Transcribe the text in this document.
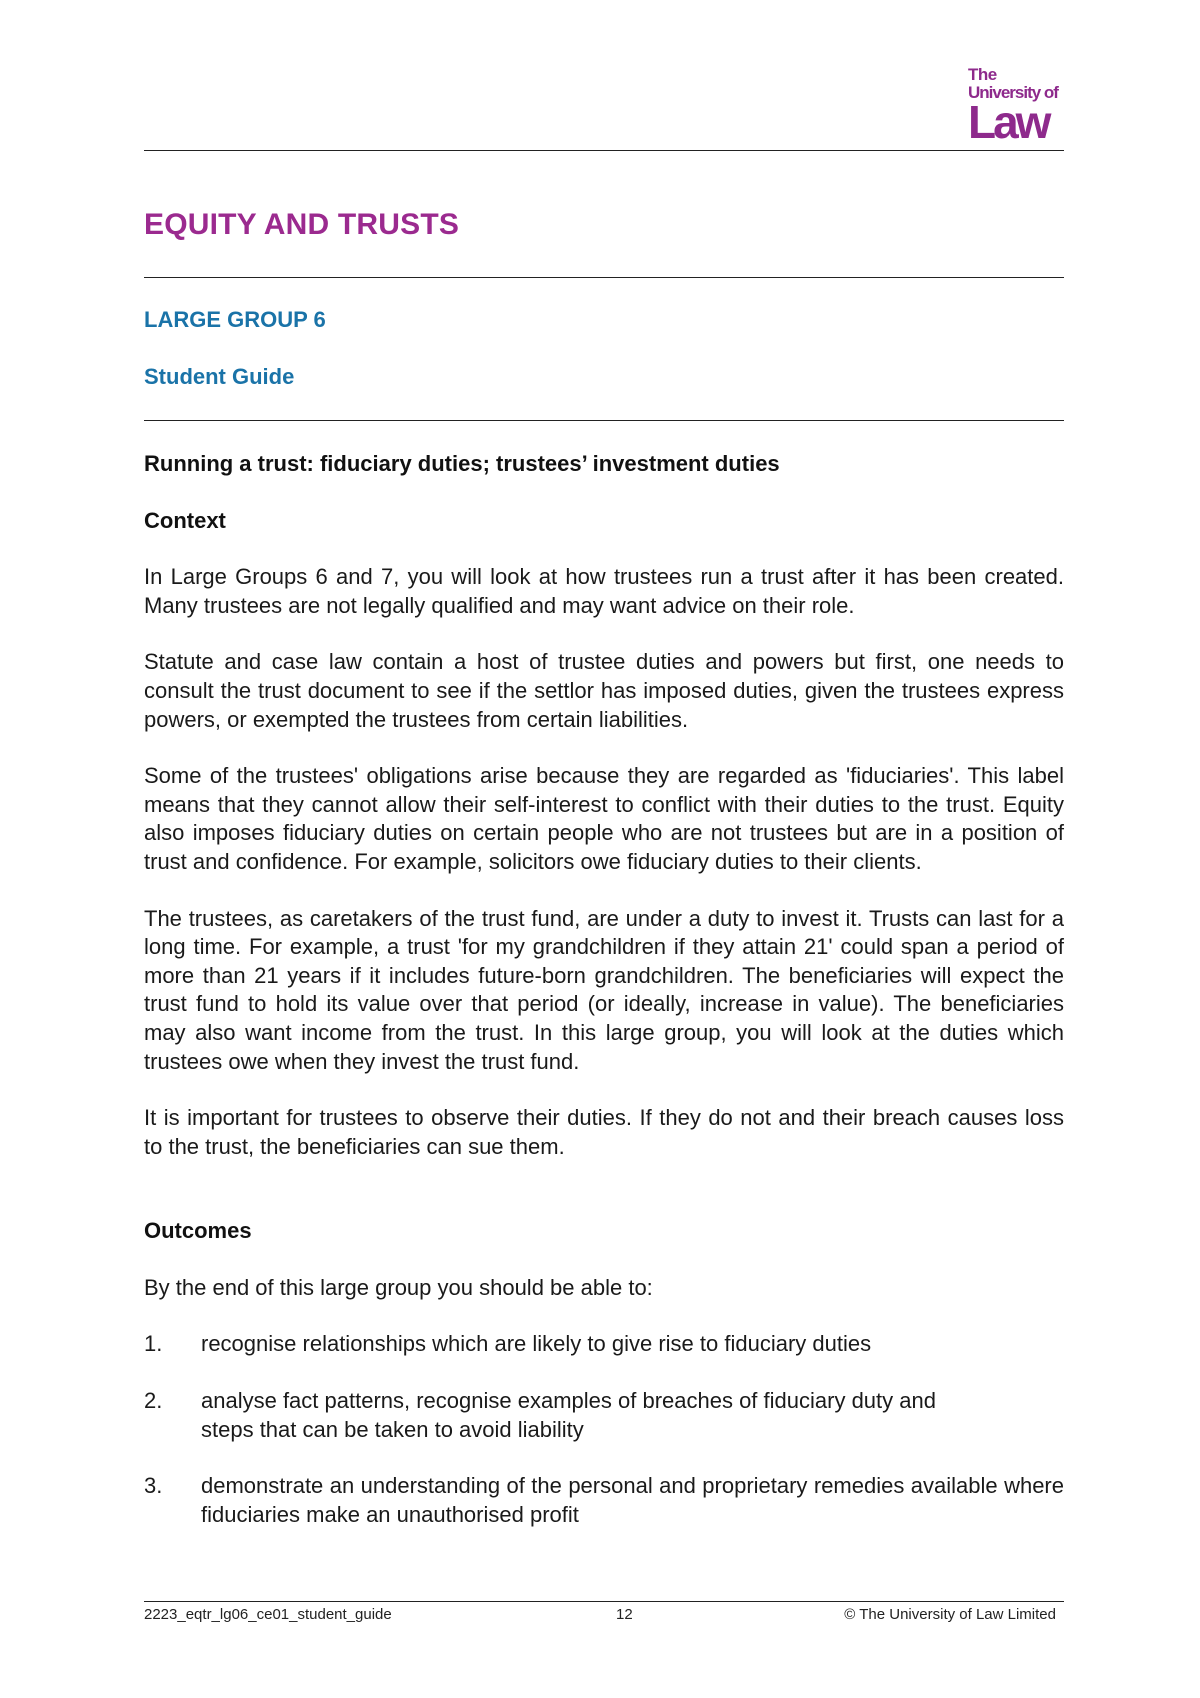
The
University of
Law
EQUITY AND TRUSTS
LARGE GROUP 6
Student Guide
Running a trust: fiduciary duties; trustees’ investment duties
Context

In Large Groups 6 and 7, you will look at how trustees run a trust after it has been created. Many trustees are not legally qualified and may want advice on their role.

Statute and case law contain a host of trustee duties and powers but first, one needs to consult the trust document to see if the settlor has imposed duties, given the trustees express powers, or exempted the trustees from certain liabilities.

Some of the trustees' obligations arise because they are regarded as 'fiduciaries'. This label means that they cannot allow their self-interest to conflict with their duties to the trust. Equity also imposes fiduciary duties on certain people who are not trustees but are in a position of trust and confidence. For example, solicitors owe fiduciary duties to their clients.

The trustees, as caretakers of the trust fund, are under a duty to invest it. Trusts can last for a long time. For example, a trust 'for my grandchildren if they attain 21' could span a period of more than 21 years if it includes future-born grandchildren. The beneficiaries will expect the trust fund to hold its value over that period (or ideally, increase in value). The beneficiaries may also want income from the trust. In this large group, you will look at the duties which trustees owe when they invest the trust fund.

It is important for trustees to observe their duties. If they do not and their breach causes loss to the trust, the beneficiaries can sue them.

Outcomes

By the end of this large group you should be able to:

1. recognise relationships which are likely to give rise to fiduciary duties
2. analyse fact patterns, recognise examples of breaches of fiduciary duty and steps that can be taken to avoid liability
3. demonstrate an understanding of the personal and proprietary remedies available where fiduciaries make an unauthorised profit
2223_eqtr_lg06_ce01_student_guide	12	© The University of Law Limited
